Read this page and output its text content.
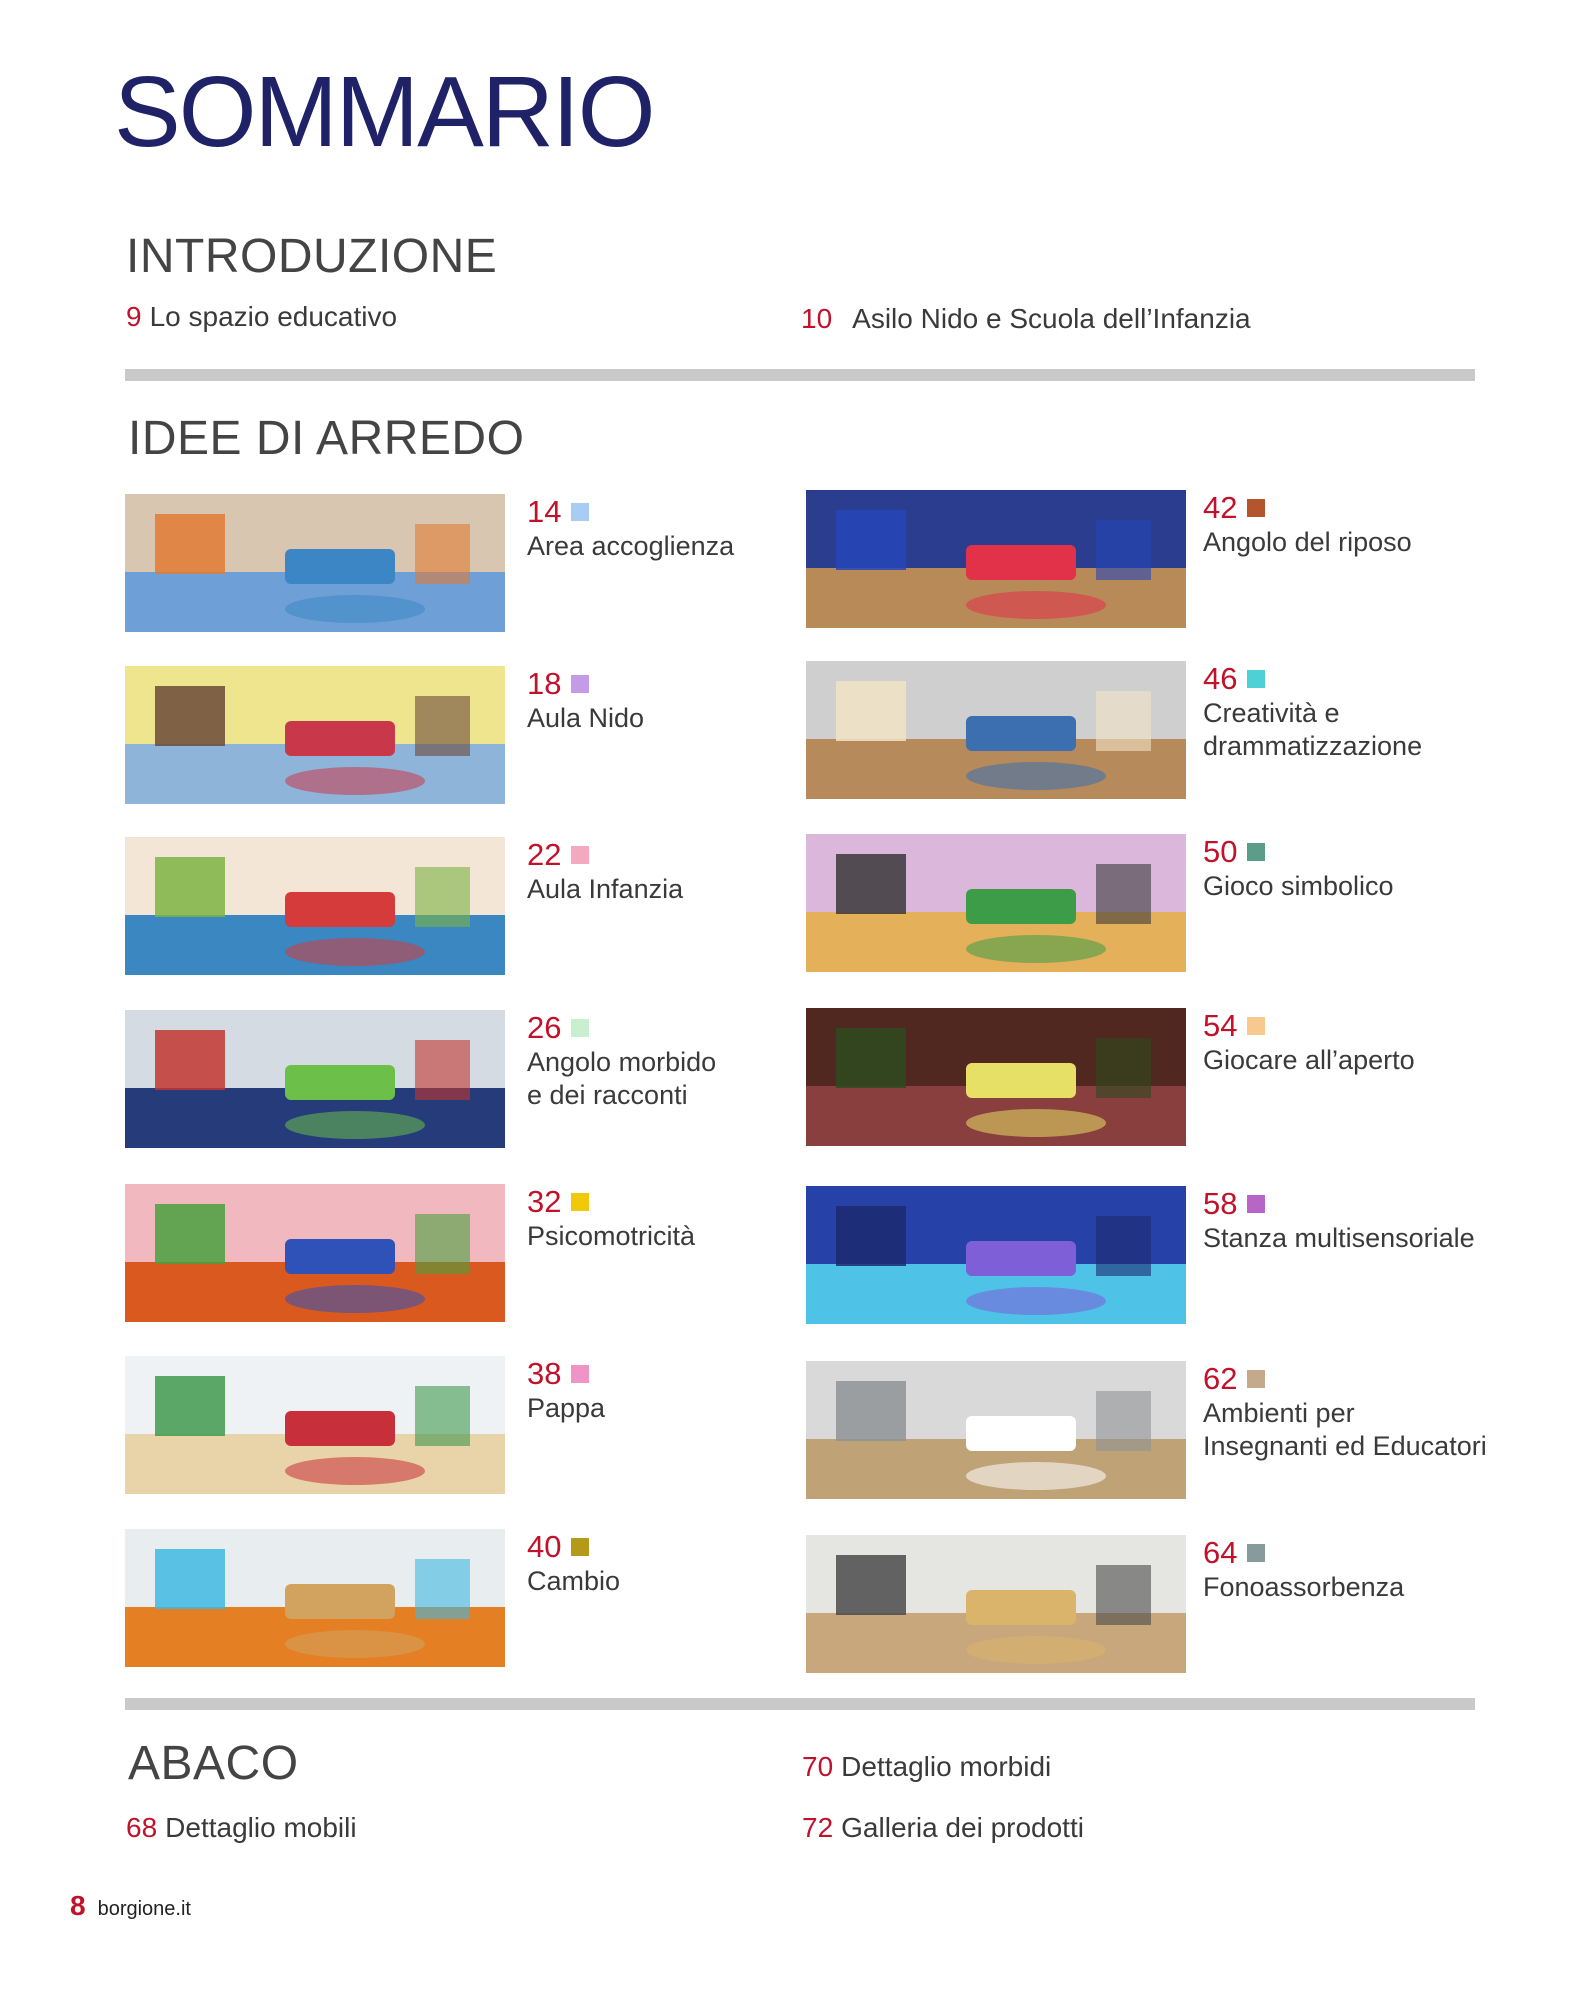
SOMMARIO
INTRODUZIONE
9 Lo spazio educativo	10 Asilo Nido e Scuola dell’Infanzia
IDEE DI ARREDO
14
Area accoglienza
18
Aula Nido
22
Aula Infanzia
26
Angolo morbido
e dei racconti
32
Psicomotricità
38
Pappa
40
Cambio
42
Angolo del riposo
46
Creatività e
drammatizzazione
50
Gioco simbolico
54
Giocare all’aperto
58
Stanza multisensoriale
62
Ambienti per
Insegnanti ed Educatori
64
Fonoassorbenza
ABACO
68 Dettaglio mobili
70 Dettaglio morbidi
72 Galleria dei prodotti
8 borgione.it
